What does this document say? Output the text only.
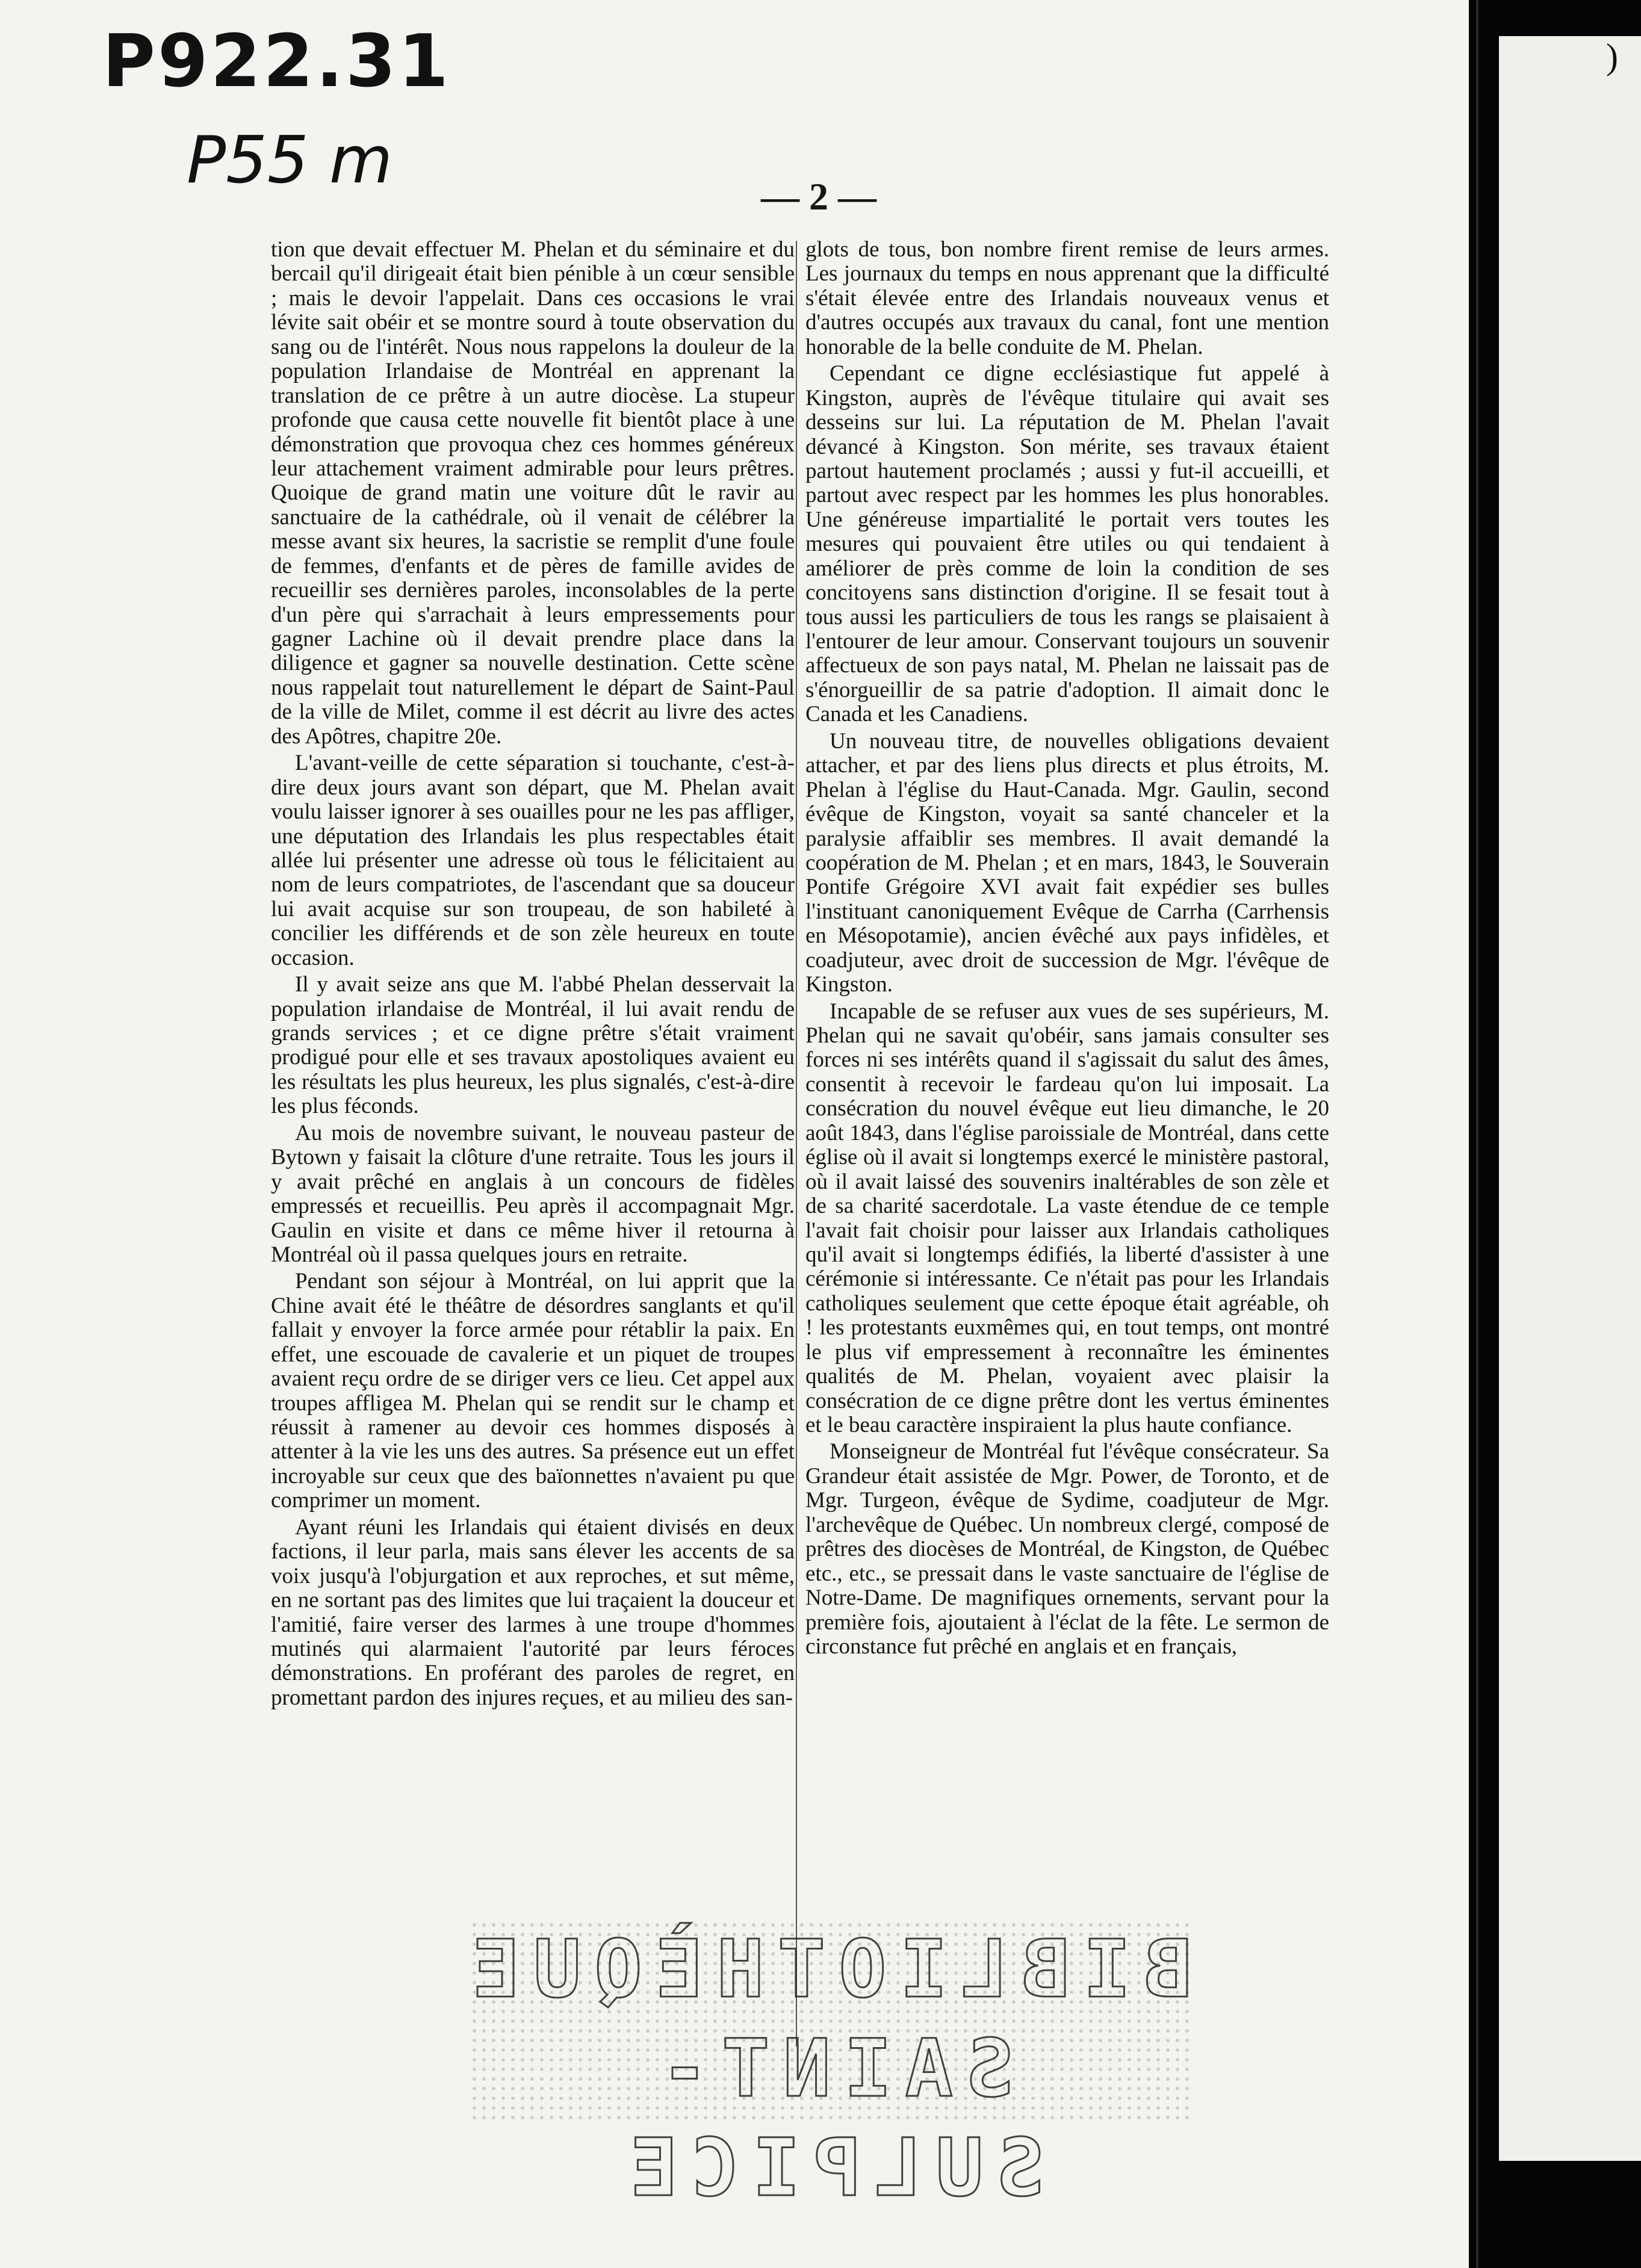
)
P922.31
P55 m	— 2 —

tion que devait effectuer M. Phelan et du séminaire et du bercail qu'il dirigeait était bien pénible à un cœur sensible ; mais le devoir l'appelait. Dans ces occasions le vrai lévite sait obéir et se montre sourd à toute observation du sang ou de l'intérêt. Nous nous rappelons la douleur de la population Irlandaise de Montréal en apprenant la translation de ce prêtre à un autre diocèse. La stupeur profonde que causa cette nouvelle fit bientôt place à une démonstration que provoqua chez ces hommes généreux leur attachement vraiment admirable pour leurs prêtres. Quoique de grand matin une voiture dût le ravir au sanctuaire de la cathédrale, où il venait de célébrer la messe avant six heures, la sacristie se remplit d'une foule de femmes, d'enfants et de pères de famille avides de recueillir ses dernières paroles, inconsolables de la perte d'un père qui s'arrachait à leurs empressements pour gagner Lachine où il devait prendre place dans la diligence et gagner sa nouvelle destination. Cette scène nous rappelait tout naturellement le départ de Saint-Paul de la ville de Milet, comme il est décrit au livre des actes des Apôtres, chapitre 20e.

L'avant-veille de cette séparation si touchante, c'est-à-dire deux jours avant son départ, que M. Phelan avait voulu laisser ignorer à ses ouailles pour ne les pas affliger, une députation des Irlandais les plus respectables était allée lui présenter une adresse où tous le félicitaient au nom de leurs compatriotes, de l'ascendant que sa douceur lui avait acquise sur son troupeau, de son habileté à concilier les différends et de son zèle heureux en toute occasion.

Il y avait seize ans que M. l'abbé Phelan desservait la population irlandaise de Montréal, il lui avait rendu de grands services ; et ce digne prêtre s'était vraiment prodigué pour elle et ses travaux apostoliques avaient eu les résultats les plus heureux, les plus signalés, c'est-à-dire les plus féconds.

Au mois de novembre suivant, le nouveau pasteur de Bytown y faisait la clôture d'une retraite. Tous les jours il y avait prêché en anglais à un concours de fidèles empressés et recueillis. Peu après il accompagnait Mgr. Gaulin en visite et dans ce même hiver il retourna à Montréal où il passa quelques jours en retraite.

Pendant son séjour à Montréal, on lui apprit que la Chine avait été le théâtre de désordres sanglants et qu'il fallait y envoyer la force armée pour rétablir la paix. En effet, une escouade de cavalerie et un piquet de troupes avaient reçu ordre de se diriger vers ce lieu. Cet appel aux troupes affligea M. Phelan qui se rendit sur le champ et réussit à ramener au devoir ces hommes disposés à attenter à la vie les uns des autres. Sa présence eut un effet incroyable sur ceux que des baïonnettes n'avaient pu que comprimer un moment.

Ayant réuni les Irlandais qui étaient divisés en deux factions, il leur parla, mais sans élever les accents de sa voix jusqu'à l'objurgation et aux reproches, et sut même, en ne sortant pas des limites que lui traçaient la douceur et l'amitié, faire verser des larmes à une troupe d'hommes mutinés qui alarmaient l'autorité par leurs féroces démonstrations. En proférant des paroles de regret, en promettant pardon des injures reçues, et au milieu des san-

glots de tous, bon nombre firent remise de leurs armes. Les journaux du temps en nous apprenant que la difficulté s'était élevée entre des Irlandais nouveaux venus et d'autres occupés aux travaux du canal, font une mention honorable de la belle conduite de M. Phelan.

Cependant ce digne ecclésiastique fut appelé à Kingston, auprès de l'évêque titulaire qui avait ses desseins sur lui. La réputation de M. Phelan l'avait dévancé à Kingston. Son mérite, ses travaux étaient partout hautement proclamés ; aussi y fut-il accueilli, et partout avec respect par les hommes les plus honorables. Une généreuse impartialité le portait vers toutes les mesures qui pouvaient être utiles ou qui tendaient à améliorer de près comme de loin la condition de ses concitoyens sans distinction d'origine. Il se fesait tout à tous aussi les particuliers de tous les rangs se plaisaient à l'entourer de leur amour. Conservant toujours un souvenir affectueux de son pays natal, M. Phelan ne laissait pas de s'énorgueillir de sa patrie d'adoption. Il aimait donc le Canada et les Canadiens.

Un nouveau titre, de nouvelles obligations devaient attacher, et par des liens plus directs et plus étroits, M. Phelan à l'église du Haut-Canada. Mgr. Gaulin, second évêque de Kingston, voyait sa santé chanceler et la paralysie affaiblir ses membres. Il avait demandé la coopération de M. Phelan ; et en mars, 1843, le Souverain Pontife Grégoire XVI avait fait expédier ses bulles l'instituant canoniquement Evêque de Carrha (Carrhensis en Mésopotamie), ancien évêché aux pays infidèles, et coadjuteur, avec droit de succession de Mgr. l'évêque de Kingston.

Incapable de se refuser aux vues de ses supérieurs, M. Phelan qui ne savait qu'obéir, sans jamais consulter ses forces ni ses intérêts quand il s'agissait du salut des âmes, consentit à recevoir le fardeau qu'on lui imposait. La consécration du nouvel évêque eut lieu dimanche, le 20 août 1843, dans l'église paroissiale de Montréal, dans cette église où il avait si longtemps exercé le ministère pastoral, où il avait laissé des souvenirs inaltérables de son zèle et de sa charité sacerdotale. La vaste étendue de ce temple l'avait fait choisir pour laisser aux Irlandais catholiques qu'il avait si longtemps édifiés, la liberté d'assister à une cérémonie si intéressante. Ce n'était pas pour les Irlandais catholiques seulement que cette époque était agréable, oh ! les protestants euxmêmes qui, en tout temps, ont montré le plus vif empressement à reconnaître les éminentes qualités de M. Phelan, voyaient avec plaisir la consécration de ce digne prêtre dont les vertus éminentes et le beau caractère inspiraient la plus haute confiance.

Monseigneur de Montréal fut l'évêque consécrateur. Sa Grandeur était assistée de Mgr. Power, de Toronto, et de Mgr. Turgeon, évêque de Sydime, coadjuteur de Mgr. l'archevêque de Québec. Un nombreux clergé, composé de prêtres des diocèses de Montréal, de Kingston, de Québec etc., etc., se pressait dans le vaste sanctuaire de l'église de Notre-Dame. De magnifiques ornements, servant pour la première fois, ajoutaient à l'éclat de la fête. Le sermon de circonstance fut prêché en anglais et en français,

BIBLIOTHÈQUE
SAINT-SULPICE
